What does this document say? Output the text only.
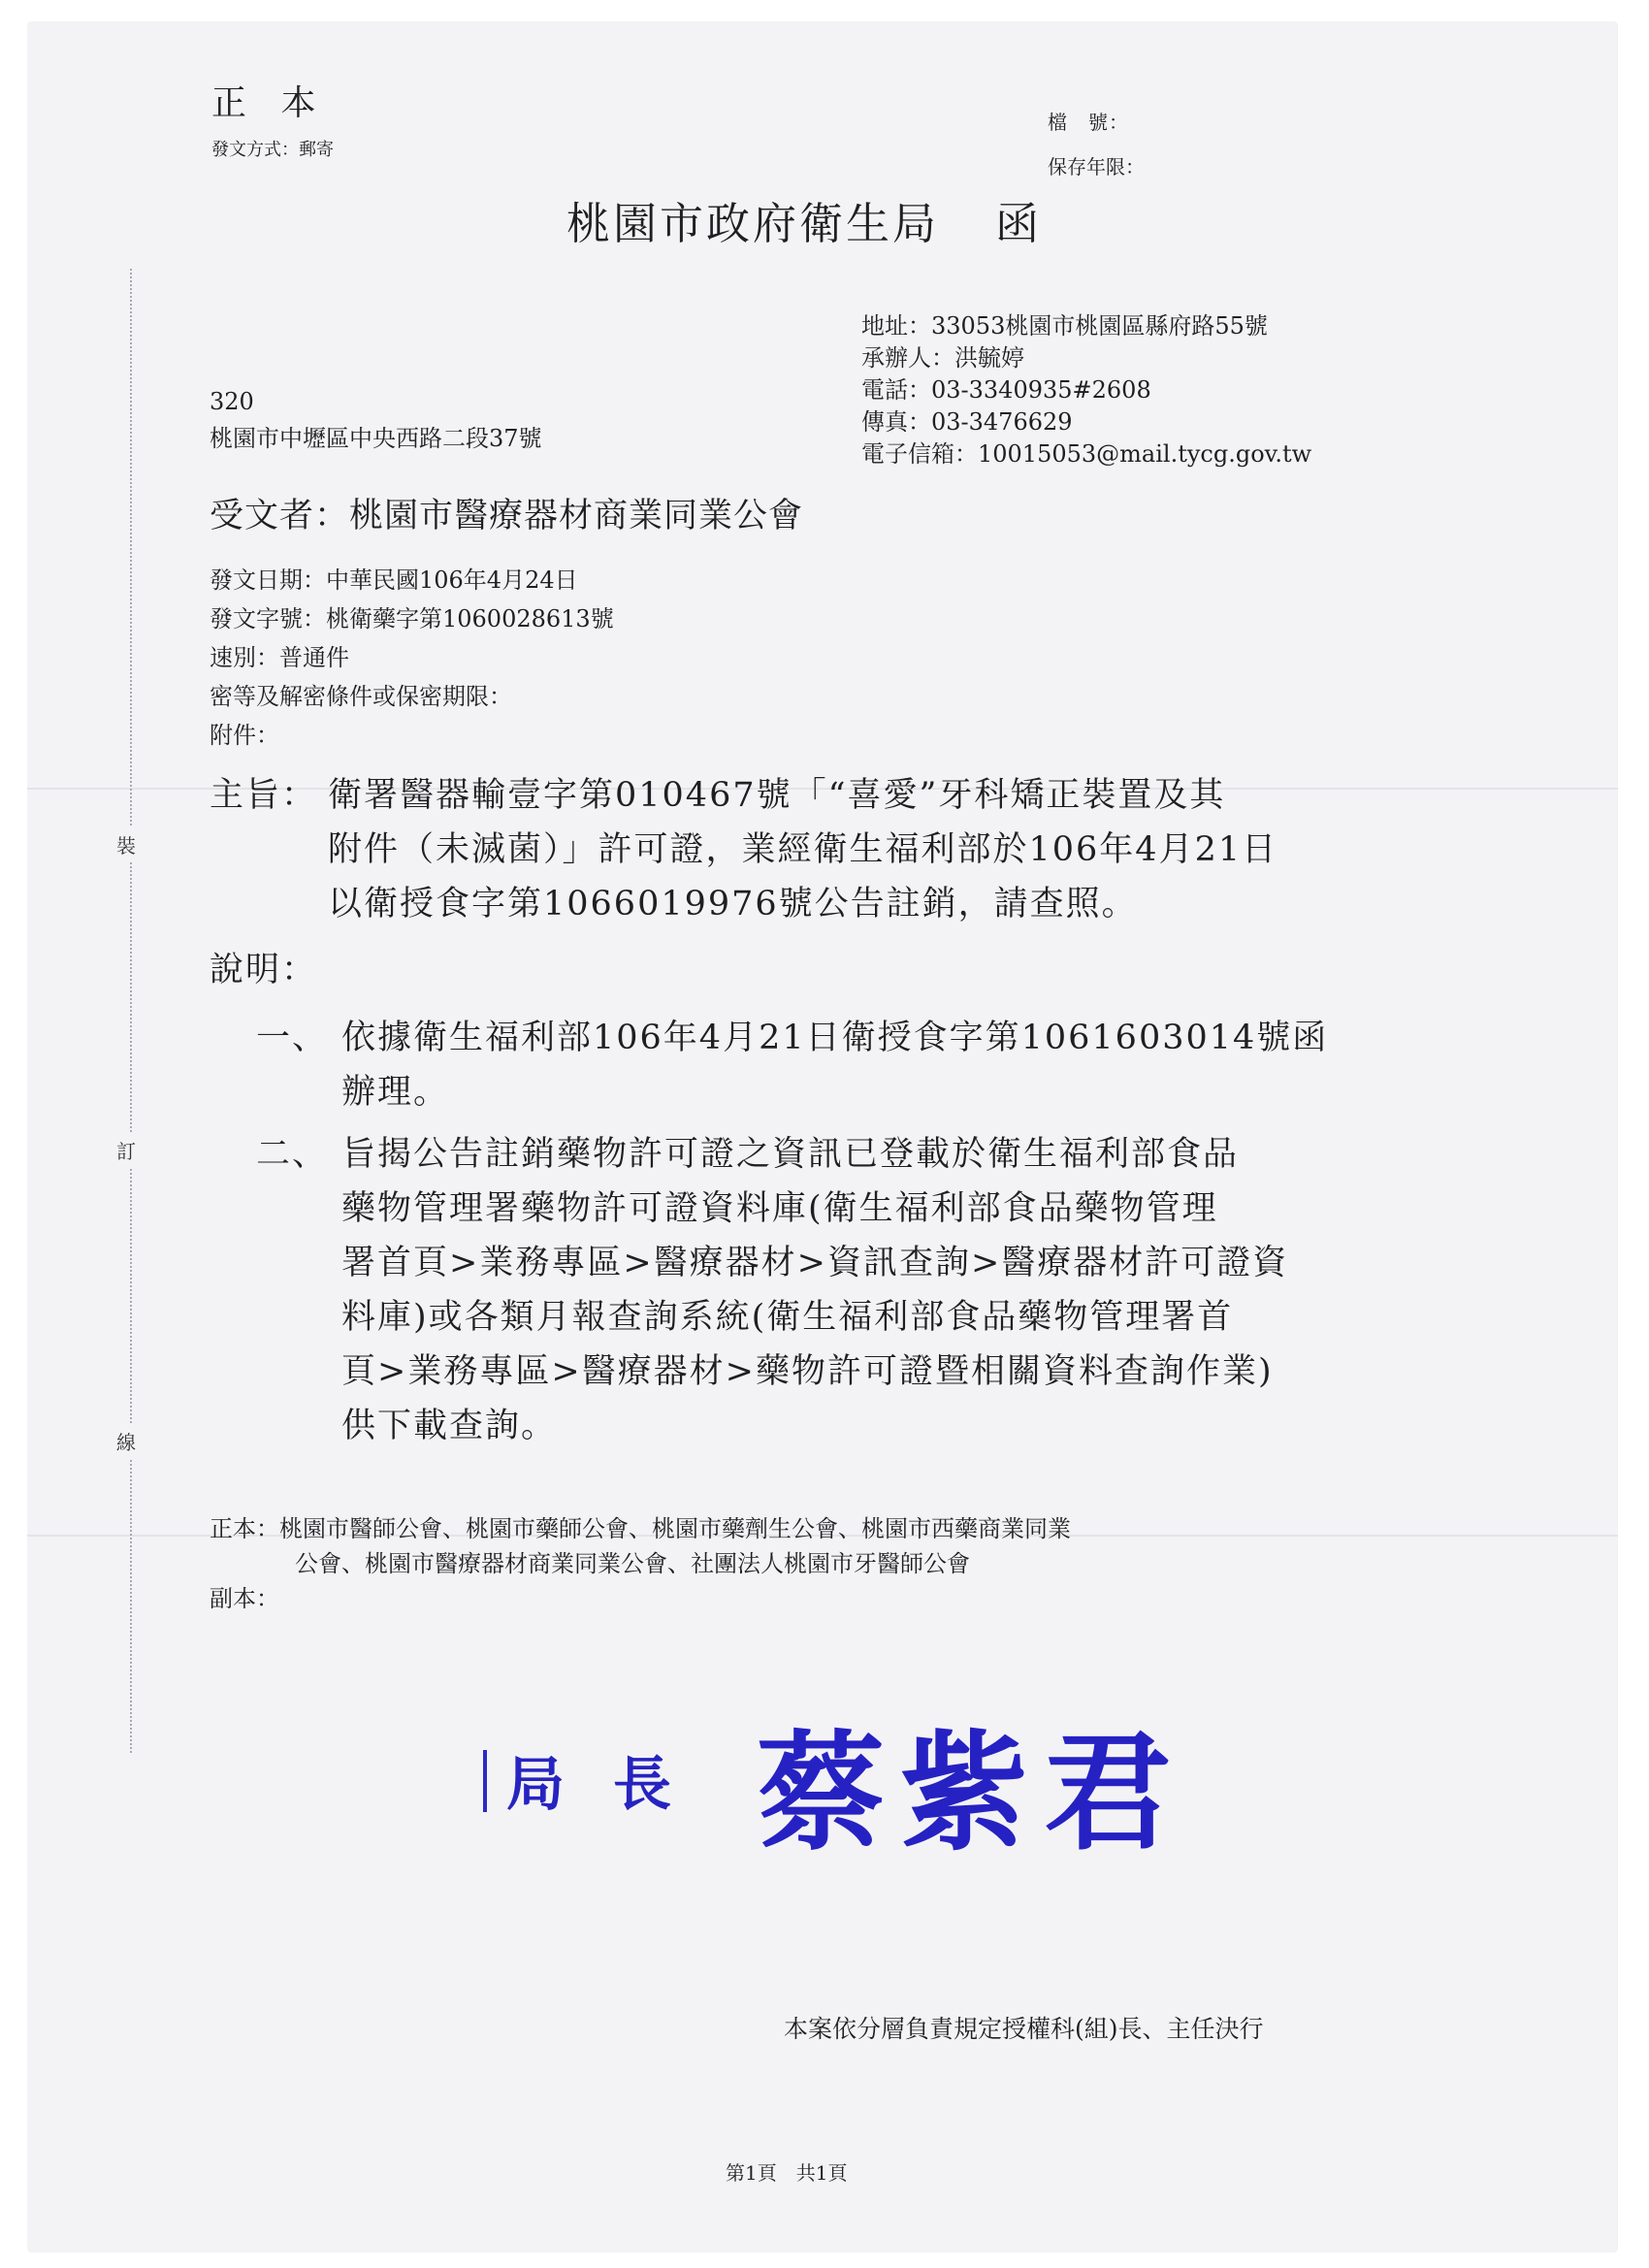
裝
訂
線
正 本
發文方式：郵寄
檔　號：
保存年限：
桃園市政府衛生局 函
地址：33053桃園市桃園區縣府路55號
承辦人：洪毓婷
電話：03-3340935#2608
傳真：03-3476629
電子信箱：10015053@mail.tycg.gov.tw
320
桃園市中壢區中央西路二段37號
受文者：桃園市醫療器材商業同業公會
發文日期：中華民國106年4月24日
發文字號：桃衛藥字第1060028613號
速別：普通件
密等及解密條件或保密期限：
附件：
主旨： 衛署醫器輸壹字第010467號「“喜愛”牙科矯正裝置及其
附件（未滅菌）」許可證，業經衛生福利部於106年4月21日
以衛授食字第1066019976號公告註銷，請查照。
說明：
一、 依據衛生福利部106年4月21日衛授食字第1061603014號函
辦理。
二、 旨揭公告註銷藥物許可證之資訊已登載於衛生福利部食品
藥物管理署藥物許可證資料庫(衛生福利部食品藥物管理
署首頁>業務專區>醫療器材>資訊查詢>醫療器材許可證資
料庫)或各類月報查詢系統(衛生福利部食品藥物管理署首
頁>業務專區>醫療器材>藥物許可證暨相關資料查詢作業)
供下載查詢。
正本：桃園市醫師公會、桃園市藥師公會、桃園市藥劑生公會、桃園市西藥商業同業
公會、桃園市醫療器材商業同業公會、社團法人桃園市牙醫師公會
副本：
局長 蔡紫君
本案依分層負責規定授權科(組)長、主任決行
第1頁　共1頁
